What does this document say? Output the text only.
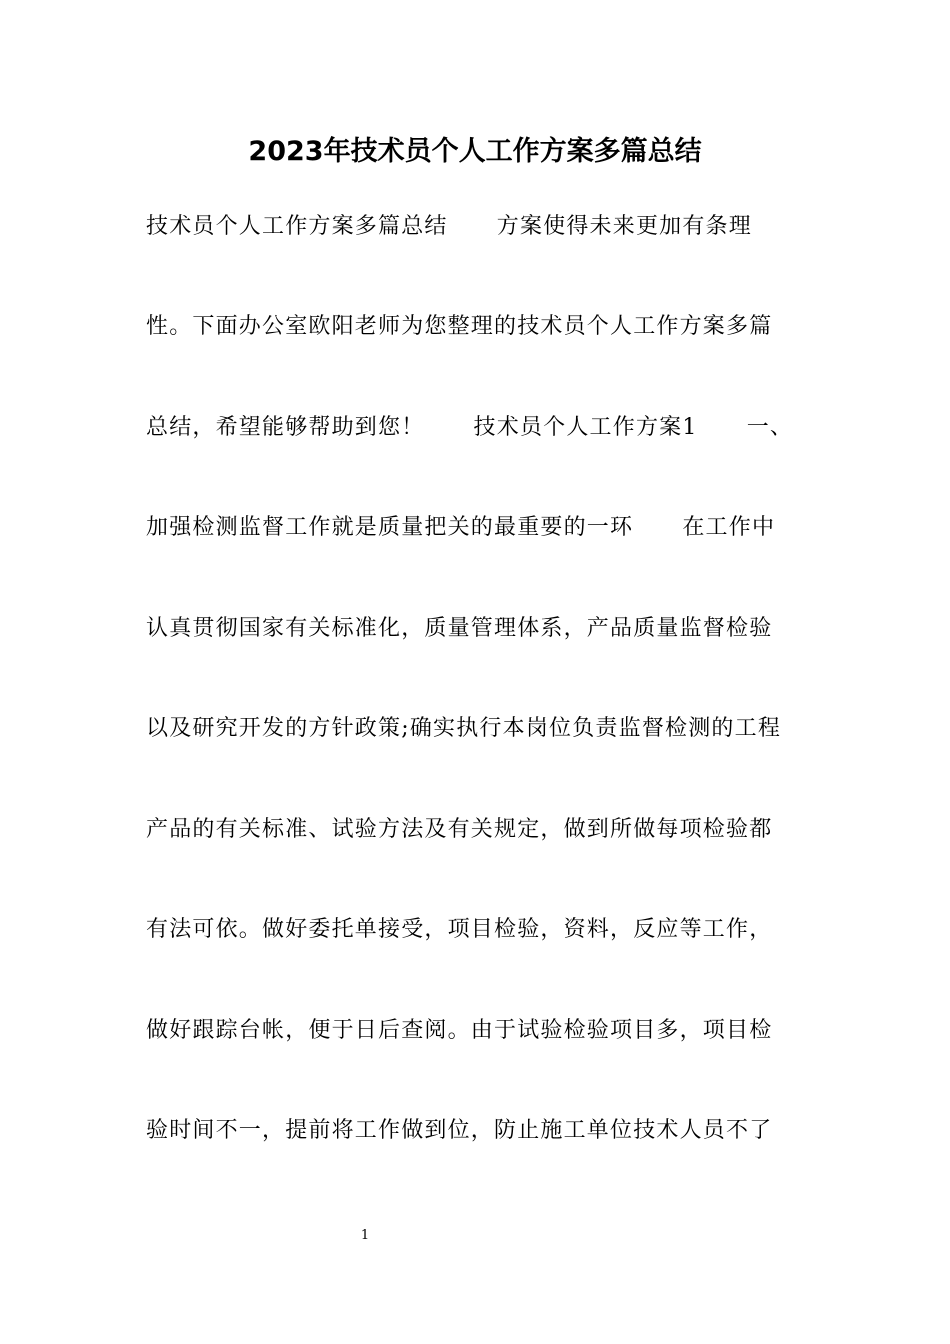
2023年技术员个人工作方案多篇总结
技术员个人工作方案多篇总结      方案使得未来更加有条理
性。下面办公室欧阳老师为您整理的技术员个人工作方案多篇
总结，希望能够帮助到您！      技术员个人工作方案1      一、
加强检测监督工作就是质量把关的最重要的一环      在工作中
认真贯彻国家有关标准化，质量管理体系，产品质量监督检验
以及研究开发的方针政策;确实执行本岗位负责监督检测的工程
产品的有关标准、试验方法及有关规定，做到所做每项检验都
有法可依。做好委托单接受，项目检验，资料，反应等工作，
做好跟踪台帐，便于日后查阅。由于试验检验项目多，项目检
验时间不一，提前将工作做到位，防止施工单位技术人员不了
1
